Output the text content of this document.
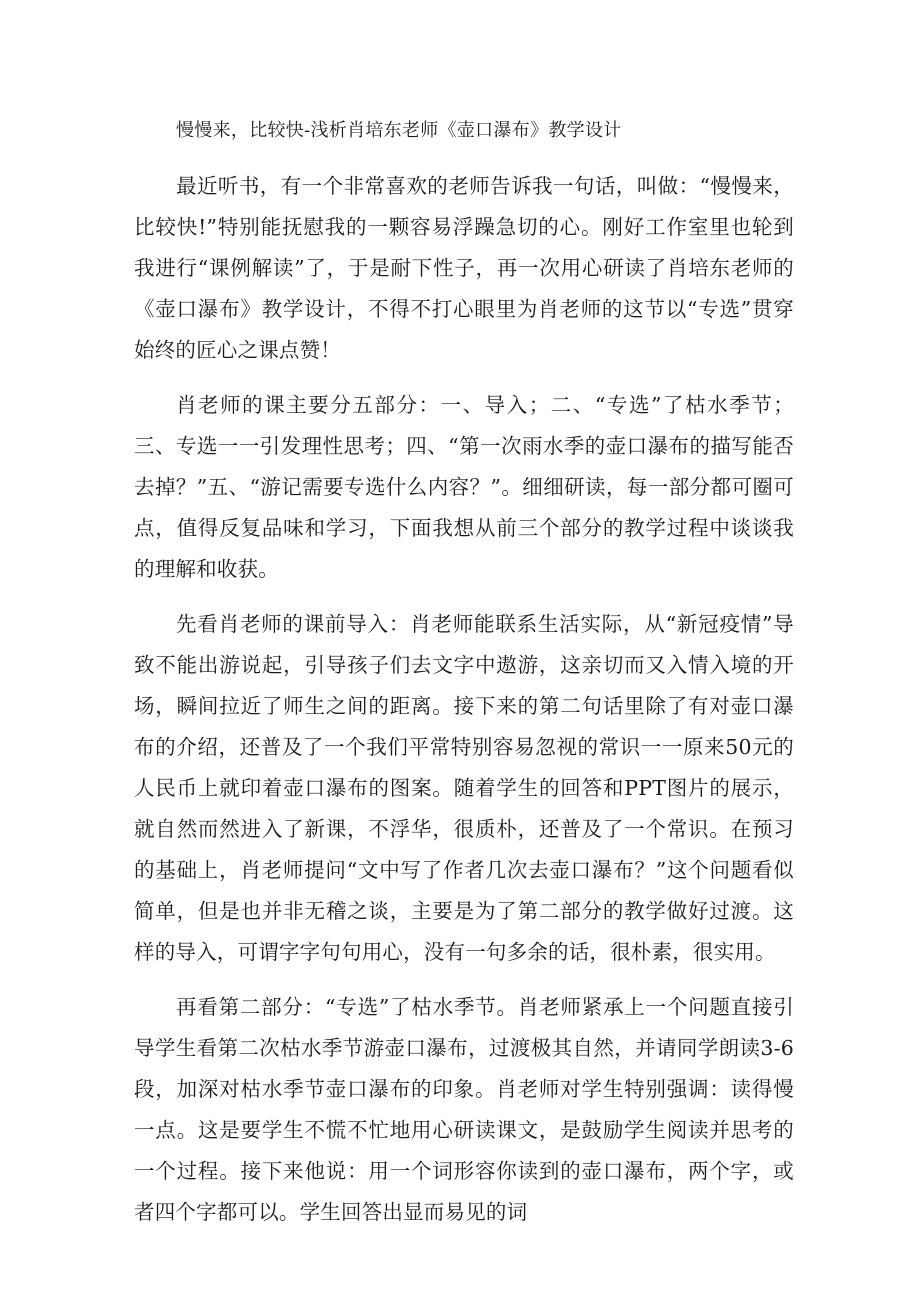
慢慢来，比较快-浅析肖培东老师《壶口瀑布》教学设计

最近听书，有一个非常喜欢的老师告诉我一句话，叫做：“慢慢来，比较快!”特别能抚慰我的一颗容易浮躁急切的心。刚好工作室里也轮到我进行“课例解读”了，于是耐下性子，再一次用心研读了肖培东老师的《壶口瀑布》教学设计，不得不打心眼里为肖老师的这节以“专选”贯穿始终的匠心之课点赞！

肖老师的课主要分五部分：一、导入；二、“专选”了枯水季节；三、专选一一引发理性思考；四、“第一次雨水季的壶口瀑布的描写能否去掉？”五、“游记需要专选什么内容？”。细细研读，每一部分都可圈可点，值得反复品味和学习，下面我想从前三个部分的教学过程中谈谈我的理解和收获。

先看肖老师的课前导入：肖老师能联系生活实际，从“新冠疫情”导致不能出游说起，引导孩子们去文字中遨游，这亲切而又入情入境的开场，瞬间拉近了师生之间的距离。接下来的第二句话里除了有对壶口瀑布的介绍，还普及了一个我们平常特别容易忽视的常识一一原来50元的人民币上就印着壶口瀑布的图案。随着学生的回答和PPT图片的展示，就自然而然进入了新课，不浮华，很质朴，还普及了一个常识。在预习的基础上，肖老师提问“文中写了作者几次去壶口瀑布？”这个问题看似简单，但是也并非无稽之谈，主要是为了第二部分的教学做好过渡。这样的导入，可谓字字句句用心，没有一句多余的话，很朴素，很实用。

再看第二部分：“专选”了枯水季节。肖老师紧承上一个问题直接引导学生看第二次枯水季节游壶口瀑布，过渡极其自然，并请同学朗读3-6段，加深对枯水季节壶口瀑布的印象。肖老师对学生特别强调：读得慢一点。这是要学生不慌不忙地用心研读课文，是鼓励学生阅读并思考的一个过程。接下来他说：用一个词形容你读到的壶口瀑布，两个字，或者四个字都可以。学生回答出显而易见的词
